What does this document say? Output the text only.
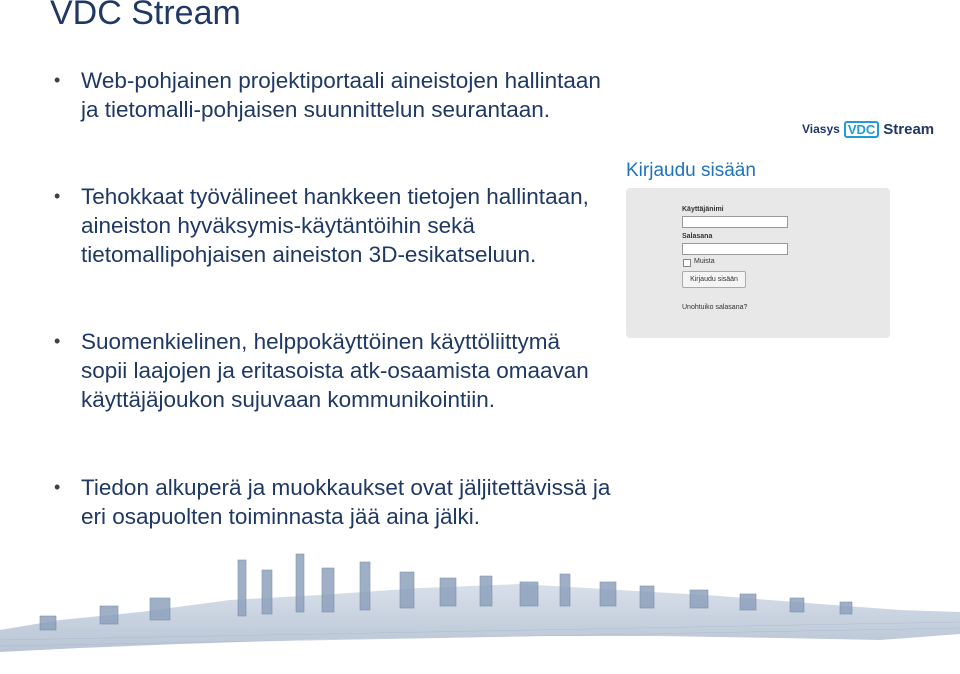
VDC Stream
• Web-pohjainen projektiportaali aineistojen hallintaan ja tietomalli-pohjaisen suunnittelun seurantaan.
• Tehokkaat työvälineet hankkeen tietojen hallintaan, aineiston hyväksymis-käytäntöihin sekä tietomallipohjaisen aineiston 3D-esikatseluun.
• Suomenkielinen, helppokäyttöinen käyttöliittymä sopii laajojen ja eritasoista atk-osaamista omaavan käyttäjäjoukon sujuvaan kommunikointiin.
• Tiedon alkuperä ja muokkaukset ovat jäljitettävissä ja eri osapuolten toiminnasta jää aina jälki.
Viasys VDC Stream
Kirjaudu sisään
Käyttäjänimi
Salasana
Muista
Kirjaudu sisään
Unohtuiko salasana?
